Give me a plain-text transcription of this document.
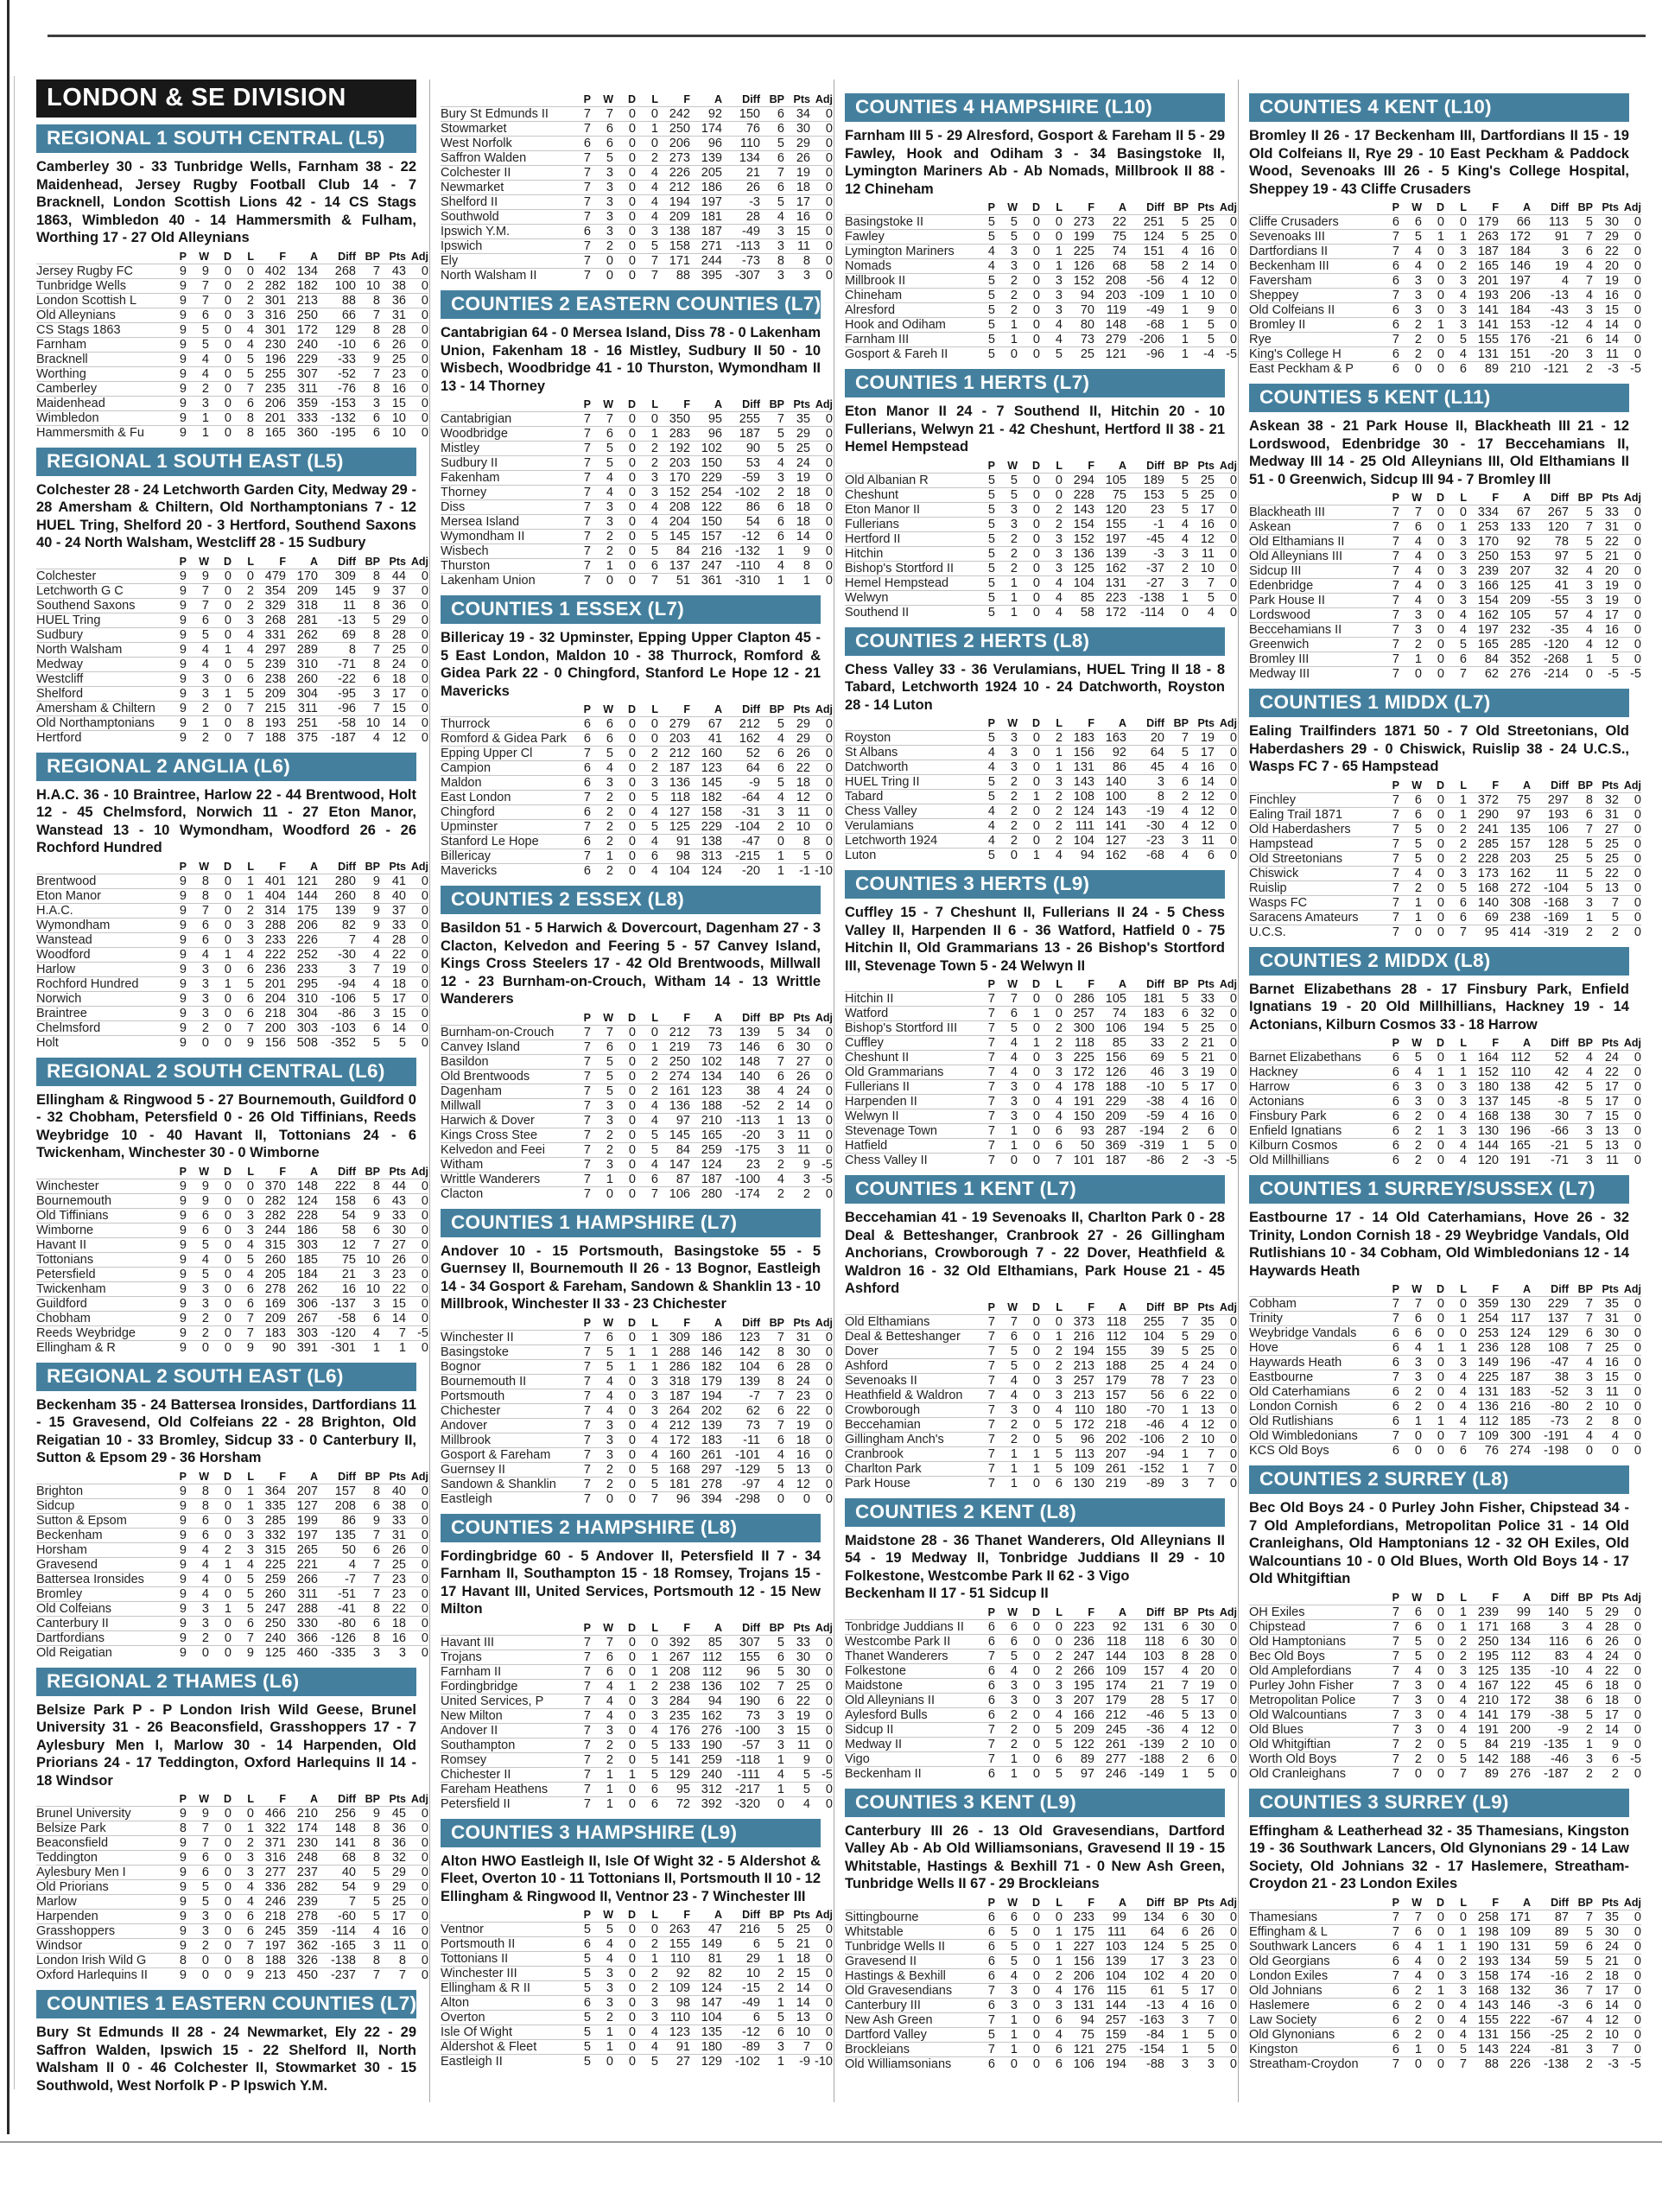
LONDON & SE DIVISION
REGIONAL 1 SOUTH CENTRAL (L5)

Camberley 30 - 33 Tunbridge Wells, Farnham 38 - 22 Maidenhead, Jersey Rugby Football Club 14 - 7 Bracknell, London Scottish Lions 42 - 14 CS Stags 1863, Wimbledon 40 - 14 Hammersmith & Fulham, Worthing 17 - 27 Old Alleynians

	P	W	D	L	F	A	Diff	BP	Pts	Adj
Jersey Rugby FC	9	9	0	0	402	134	268	7	43	0
Tunbridge Wells	9	7	0	2	282	182	100	10	38	0
London Scottish L	9	7	0	2	301	213	88	8	36	0
Old Alleynians	9	6	0	3	316	250	66	7	31	0
CS Stags 1863	9	5	0	4	301	172	129	8	28	0
Farnham	9	5	0	4	230	240	-10	6	26	0
Bracknell	9	4	0	5	196	229	-33	9	25	0
Worthing	9	4	0	5	255	307	-52	7	23	0
Camberley	9	2	0	7	235	311	-76	8	16	0
Maidenhead	9	3	0	6	206	359	-153	3	15	0
Wimbledon	9	1	0	8	201	333	-132	6	10	0
Hammersmith & Fu	9	1	0	8	165	360	-195	6	10	0
REGIONAL 1 SOUTH EAST (L5)

Colchester 28 - 24 Letchworth Garden City, Medway 29 - 28 Amersham & Chiltern, Old Northamptonians 7 - 12 HUEL Tring, Shelford 20 - 3 Hertford, Southend Saxons 40 - 24 North Walsham, Westcliff 28 - 15 Sudbury

	P	W	D	L	F	A	Diff	BP	Pts	Adj
Colchester	9	9	0	0	479	170	309	8	44	0
Letchworth G C	9	7	0	2	354	209	145	9	37	0
Southend Saxons	9	7	0	2	329	318	11	8	36	0
HUEL Tring	9	6	0	3	268	281	-13	5	29	0
Sudbury	9	5	0	4	331	262	69	8	28	0
North Walsham	9	4	1	4	297	289	8	7	25	0
Medway	9	4	0	5	239	310	-71	8	24	0
Westcliff	9	3	0	6	238	260	-22	6	18	0
Shelford	9	3	1	5	209	304	-95	3	17	0
Amersham & Chiltern	9	2	0	7	215	311	-96	7	15	0
Old Northamptonians	9	1	0	8	193	251	-58	10	14	0
Hertford	9	2	0	7	188	375	-187	4	12	0
REGIONAL 2 ANGLIA (L6)

H.A.C. 36 - 10 Braintree, Harlow 22 - 44 Brentwood, Holt 12 - 45 Chelmsford, Norwich 11 - 27 Eton Manor, Wanstead 13 - 10 Wymondham, Woodford 26 - 26 Rochford Hundred

	P	W	D	L	F	A	Diff	BP	Pts	Adj
Brentwood	9	8	0	1	401	121	280	9	41	0
Eton Manor	9	8	0	1	404	144	260	8	40	0
H.A.C.	9	7	0	2	314	175	139	9	37	0
Wymondham	9	6	0	3	288	206	82	9	33	0
Wanstead	9	6	0	3	233	226	7	4	28	0
Woodford	9	4	1	4	222	252	-30	4	22	0
Harlow	9	3	0	6	236	233	3	7	19	0
Rochford Hundred	9	3	1	5	201	295	-94	4	18	0
Norwich	9	3	0	6	204	310	-106	5	17	0
Braintree	9	3	0	6	218	304	-86	3	15	0
Chelmsford	9	2	0	7	200	303	-103	6	14	0
Holt	9	0	0	9	156	508	-352	5	5	0
REGIONAL 2 SOUTH CENTRAL (L6)

Ellingham & Ringwood 5 - 27 Bournemouth, Guildford 0 - 32 Chobham, Petersfield 0 - 26 Old Tiffinians, Reeds Weybridge 10 - 40 Havant II, Tottonians 24 - 6 Twickenham, Winchester 30 - 0 Wimborne

	P	W	D	L	F	A	Diff	BP	Pts	Adj
Winchester	9	9	0	0	370	148	222	8	44	0
Bournemouth	9	9	0	0	282	124	158	6	43	0
Old Tiffinians	9	6	0	3	282	228	54	9	33	0
Wimborne	9	6	0	3	244	186	58	6	30	0
Havant II	9	5	0	4	315	303	12	7	27	0
Tottonians	9	4	0	5	260	185	75	10	26	0
Petersfield	9	5	0	4	205	184	21	3	23	0
Twickenham	9	3	0	6	278	262	16	10	22	0
Guildford	9	3	0	6	169	306	-137	3	15	0
Chobham	9	2	0	7	209	267	-58	6	14	0
Reeds Weybridge	9	2	0	7	183	303	-120	4	7	-5
Ellingham & R	9	0	0	9	90	391	-301	1	1	0
REGIONAL 2 SOUTH EAST (L6)

Beckenham 35 - 24 Battersea Ironsides, Dartfordians 11 - 15 Gravesend, Old Colfeians 22 - 28 Brighton, Old Reigatian 10 - 33 Bromley, Sidcup 33 - 0 Canterbury II, Sutton & Epsom 29 - 36 Horsham

	P	W	D	L	F	A	Diff	BP	Pts	Adj
Brighton	9	8	0	1	364	207	157	8	40	0
Sidcup	9	8	0	1	335	127	208	6	38	0
Sutton & Epsom	9	6	0	3	285	199	86	9	33	0
Beckenham	9	6	0	3	332	197	135	7	31	0
Horsham	9	4	2	3	315	265	50	6	26	0
Gravesend	9	4	1	4	225	221	4	7	25	0
Battersea Ironsides	9	4	0	5	259	266	-7	7	23	0
Bromley	9	4	0	5	260	311	-51	7	23	0
Old Colfeians	9	3	1	5	247	288	-41	8	22	0
Canterbury II	9	3	0	6	250	330	-80	6	18	0
Dartfordians	9	2	0	7	240	366	-126	8	16	0
Old Reigatian	9	0	0	9	125	460	-335	3	3	0
REGIONAL 2 THAMES (L6)

Belsize Park P - P London Irish Wild Geese, Brunel University 31 - 26 Beaconsfield, Grasshoppers 17 - 7 Aylesbury Men I, Marlow 30 - 14 Harpenden, Old Priorians 24 - 17 Teddington, Oxford Harlequins II 14 - 18 Windsor

	P	W	D	L	F	A	Diff	BP	Pts	Adj
Brunel University	9	9	0	0	466	210	256	9	45	0
Belsize Park	8	7	0	1	322	174	148	8	36	0
Beaconsfield	9	7	0	2	371	230	141	8	36	0
Teddington	9	6	0	3	316	248	68	8	32	0
Aylesbury Men I	9	6	0	3	277	237	40	5	29	0
Old Priorians	9	5	0	4	336	282	54	9	29	0
Marlow	9	5	0	4	246	239	7	5	25	0
Harpenden	9	3	0	6	218	278	-60	5	17	0
Grasshoppers	9	3	0	6	245	359	-114	4	16	0
Windsor	9	2	0	7	197	362	-165	3	11	0
London Irish Wild G	8	0	0	8	188	326	-138	8	8	0
Oxford Harlequins II	9	0	0	9	213	450	-237	7	7	0
COUNTIES 1 EASTERN COUNTIES (L7)

Bury St Edmunds II 28 - 24 Newmarket, Ely 22 - 29 Saffron Walden, Ipswich 15 - 22 Shelford II, North Walsham II 0 - 46 Colchester II, Stowmarket 30 - 15 Southwold, West Norfolk P - P Ipswich Y.M.

	P	W	D	L	F	A	Diff	BP	Pts	Adj
Bury St Edmunds II	7	7	0	0	242	92	150	6	34	0
Stowmarket	7	6	0	1	250	174	76	6	30	0
West Norfolk	6	6	0	0	206	96	110	5	29	0
Saffron Walden	7	5	0	2	273	139	134	6	26	0
Colchester II	7	3	0	4	226	205	21	7	19	0
Newmarket	7	3	0	4	212	186	26	6	18	0
Shelford II	7	3	0	4	194	197	-3	5	17	0
Southwold	7	3	0	4	209	181	28	4	16	0
Ipswich Y.M.	6	3	0	3	138	187	-49	3	15	0
Ipswich	7	2	0	5	158	271	-113	3	11	0
Ely	7	0	0	7	171	244	-73	8	8	0
North Walsham II	7	0	0	7	88	395	-307	3	3	0
COUNTIES 2 EASTERN COUNTIES (L7)

Cantabrigian 64 - 0 Mersea Island, Diss 78 - 0 Lakenham Union, Fakenham 18 - 16 Mistley, Sudbury II 50 - 10 Wisbech, Woodbridge 41 - 10 Thurston, Wymondham II 13 - 14 Thorney

	P	W	D	L	F	A	Diff	BP	Pts	Adj
Cantabrigian	7	7	0	0	350	95	255	7	35	0
Woodbridge	7	6	0	1	283	96	187	5	29	0
Mistley	7	5	0	2	192	102	90	5	25	0
Sudbury II	7	5	0	2	203	150	53	4	24	0
Fakenham	7	4	0	3	170	229	-59	3	19	0
Thorney	7	4	0	3	152	254	-102	2	18	0
Diss	7	3	0	4	208	122	86	6	18	0
Mersea Island	7	3	0	4	204	150	54	6	18	0
Wymondham II	7	2	0	5	145	157	-12	6	14	0
Wisbech	7	2	0	5	84	216	-132	1	9	0
Thurston	7	1	0	6	137	247	-110	4	8	0
Lakenham Union	7	0	0	7	51	361	-310	1	1	0
COUNTIES 1 ESSEX (L7)

Billericay 19 - 32 Upminster, Epping Upper Clapton 45 - 5 East London, Maldon 10 - 38 Thurrock, Romford & Gidea Park 22 - 0 Chingford, Stanford Le Hope 12 - 21 Mavericks

	P	W	D	L	F	A	Diff	BP	Pts	Adj
Thurrock	6	6	0	0	279	67	212	5	29	0
Romford & Gidea Park	6	6	0	0	203	41	162	4	29	0
Epping Upper Cl	7	5	0	2	212	160	52	6	26	0
Campion	6	4	0	2	187	123	64	6	22	0
Maldon	6	3	0	3	136	145	-9	5	18	0
East London	7	2	0	5	118	182	-64	4	12	0
Chingford	6	2	0	4	127	158	-31	3	11	0
Upminster	7	2	0	5	125	229	-104	2	10	0
Stanford Le Hope	6	2	0	4	91	138	-47	0	8	0
Billericay	7	1	0	6	98	313	-215	1	5	0
Mavericks	6	2	0	4	104	124	-20	1	-1	-10
COUNTIES 2 ESSEX (L8)

Basildon 51 - 5 Harwich & Dovercourt, Dagenham 27 - 3 Clacton, Kelvedon and Feering 5 - 57 Canvey Island, Kings Cross Steelers 17 - 42 Old Brentwoods, Millwall 12 - 23 Burnham-on-Crouch, Witham 14 - 13 Writtle Wanderers

	P	W	D	L	F	A	Diff	BP	Pts	Adj
Burnham-on-Crouch	7	7	0	0	212	73	139	5	34	0
Canvey Island	7	6	0	1	219	73	146	6	30	0
Basildon	7	5	0	2	250	102	148	7	27	0
Old Brentwoods	7	5	0	2	274	134	140	6	26	0
Dagenham	7	5	0	2	161	123	38	4	24	0
Millwall	7	3	0	4	136	188	-52	2	14	0
Harwich & Dover	7	3	0	4	97	210	-113	1	13	0
Kings Cross Stee	7	2	0	5	145	165	-20	3	11	0
Kelvedon and Feei	7	2	0	5	84	259	-175	3	11	0
Witham	7	3	0	4	147	124	23	2	9	-5
Writtle Wanderers	7	1	0	6	87	187	-100	4	3	-5
Clacton	7	0	0	7	106	280	-174	2	2	0
COUNTIES 1 HAMPSHIRE (L7)

Andover 10 - 15 Portsmouth, Basingstoke 55 - 5 Guernsey II, Bournemouth II 26 - 13 Bognor, Eastleigh 14 - 34 Gosport & Fareham, Sandown & Shanklin 13 - 10 Millbrook, Winchester II 33 - 23 Chichester

	P	W	D	L	F	A	Diff	BP	Pts	Adj
Winchester II	7	6	0	1	309	186	123	7	31	0
Basingstoke	7	5	1	1	288	146	142	8	30	0
Bognor	7	5	1	1	286	182	104	6	28	0
Bournemouth II	7	4	0	3	318	179	139	8	24	0
Portsmouth	7	4	0	3	187	194	-7	7	23	0
Chichester	7	4	0	3	264	202	62	6	22	0
Andover	7	3	0	4	212	139	73	7	19	0
Millbrook	7	3	0	4	172	183	-11	6	18	0
Gosport & Fareham	7	3	0	4	160	261	-101	4	16	0
Guernsey II	7	2	0	5	168	297	-129	5	13	0
Sandown & Shanklin	7	2	0	5	181	278	-97	4	12	0
Eastleigh	7	0	0	7	96	394	-298	0	0	0
COUNTIES 2 HAMPSHIRE (L8)

Fordingbridge 60 - 5 Andover II, Petersfield II 7 - 34 Farnham II, Southampton 15 - 18 Romsey, Trojans 15 - 17 Havant III, United Services, Portsmouth 12 - 15 New Milton

	P	W	D	L	F	A	Diff	BP	Pts	Adj
Havant III	7	7	0	0	392	85	307	5	33	0
Trojans	7	6	0	1	267	112	155	6	30	0
Farnham II	7	6	0	1	208	112	96	5	30	0
Fordingbridge	7	4	1	2	238	136	102	7	25	0
United Services, P	7	4	0	3	284	94	190	6	22	0
New Milton	7	4	0	3	235	162	73	3	19	0
Andover II	7	3	0	4	176	276	-100	3	15	0
Southampton	7	2	0	5	133	190	-57	3	11	0
Romsey	7	2	0	5	141	259	-118	1	9	0
Chichester II	7	1	1	5	129	240	-111	4	5	-5
Fareham Heathens	7	1	0	6	95	312	-217	1	5	0
Petersfield II	7	1	0	6	72	392	-320	0	4	0
COUNTIES 3 HAMPSHIRE (L9)

Alton HWO Eastleigh II, Isle Of Wight 32 - 5 Aldershot & Fleet, Overton 10 - 11 Tottonians II, Portsmouth II 10 - 12 Ellingham & Ringwood II, Ventnor 23 - 7 Winchester III

	P	W	D	L	F	A	Diff	BP	Pts	Adj
Ventnor	5	5	0	0	263	47	216	5	25	0
Portsmouth II	6	4	0	2	155	149	6	5	21	0
Tottonians II	5	4	0	1	110	81	29	1	18	0
Winchester III	5	3	0	2	92	82	10	2	15	0
Ellingham & R II	5	3	0	2	109	124	-15	2	14	0
Alton	6	3	0	3	98	147	-49	1	14	0
Overton	5	2	0	3	110	104	6	5	13	0
Isle Of Wight	5	1	0	4	123	135	-12	6	10	0
Aldershot & Fleet	5	1	0	4	91	180	-89	3	7	0
Eastleigh II	5	0	0	5	27	129	-102	1	-9	-10
COUNTIES 4 HAMPSHIRE (L10)

Farnham III 5 - 29 Alresford, Gosport & Fareham II 5 - 29 Fawley, Hook and Odiham 3 - 34 Basingstoke II, Lymington Mariners Ab - Ab Nomads, Millbrook II 88 - 12 Chineham

	P	W	D	L	F	A	Diff	BP	Pts	Adj
Basingstoke II	5	5	0	0	273	22	251	5	25	0
Fawley	5	5	0	0	199	75	124	5	25	0
Lymington Mariners	4	3	0	1	225	74	151	4	16	0
Nomads	4	3	0	1	126	68	58	2	14	0
Millbrook II	5	2	0	3	152	208	-56	4	12	0
Chineham	5	2	0	3	94	203	-109	1	10	0
Alresford	5	2	0	3	70	119	-49	1	9	0
Hook and Odiham	5	1	0	4	80	148	-68	1	5	0
Farnham III	5	1	0	4	73	279	-206	1	5	0
Gosport & Fareh II	5	0	0	5	25	121	-96	1	-4	-5
COUNTIES 1 HERTS (L7)

Eton Manor II 24 - 7 Southend II, Hitchin 20 - 10 Fullerians, Welwyn 21 - 42 Cheshunt, Hertford II 38 - 21 Hemel Hempstead

	P	W	D	L	F	A	Diff	BP	Pts	Adj
Old Albanian R	5	5	0	0	294	105	189	5	25	0
Cheshunt	5	5	0	0	228	75	153	5	25	0
Eton Manor II	5	3	0	2	143	120	23	5	17	0
Fullerians	5	3	0	2	154	155	-1	4	16	0
Hertford II	5	2	0	3	152	197	-45	4	12	0
Hitchin	5	2	0	3	136	139	-3	3	11	0
Bishop's Stortford II	5	2	0	3	125	162	-37	2	10	0
Hemel Hempstead	5	1	0	4	104	131	-27	3	7	0
Welwyn	5	1	0	4	85	223	-138	1	5	0
Southend II	5	1	0	4	58	172	-114	0	4	0
COUNTIES 2 HERTS (L8)

Chess Valley 33 - 36 Verulamians, HUEL Tring II 18 - 8 Tabard, Letchworth 1924 10 - 24 Datchworth, Royston 28 - 14 Luton

	P	W	D	L	F	A	Diff	BP	Pts	Adj
Royston	5	3	0	2	183	163	20	7	19	0
St Albans	4	3	0	1	156	92	64	5	17	0
Datchworth	4	3	0	1	131	86	45	4	16	0
HUEL Tring II	5	2	0	3	143	140	3	6	14	0
Tabard	5	2	1	2	108	100	8	2	12	0
Chess Valley	4	2	0	2	124	143	-19	4	12	0
Verulamians	4	2	0	2	111	141	-30	4	12	0
Letchworth 1924	4	2	0	2	104	127	-23	3	11	0
Luton	5	0	1	4	94	162	-68	4	6	0
COUNTIES 3 HERTS (L9)

Cuffley 15 - 7 Cheshunt II, Fullerians II 24 - 5 Chess Valley II, Harpenden II 6 - 36 Watford, Hatfield 0 - 75 Hitchin II, Old Grammarians 13 - 26 Bishop's Stortford III, Stevenage Town 5 - 24 Welwyn II

	P	W	D	L	F	A	Diff	BP	Pts	Adj
Hitchin II	7	7	0	0	286	105	181	5	33	0
Watford	7	6	1	0	257	74	183	6	32	0
Bishop's Stortford III	7	5	0	2	300	106	194	5	25	0
Cuffley	7	4	1	2	118	85	33	2	21	0
Cheshunt II	7	4	0	3	225	156	69	5	21	0
Old Grammarians	7	4	0	3	172	126	46	3	19	0
Fullerians II	7	3	0	4	178	188	-10	5	17	0
Harpenden II	7	3	0	4	191	229	-38	4	16	0
Welwyn II	7	3	0	4	150	209	-59	4	16	0
Stevenage Town	7	1	0	6	93	287	-194	2	6	0
Hatfield	7	1	0	6	50	369	-319	1	5	0
Chess Valley II	7	0	0	7	101	187	-86	2	-3	-5
COUNTIES 1 KENT (L7)

Beccehamian 41 - 19 Sevenoaks II, Charlton Park 0 - 28 Deal & Betteshanger, Cranbrook 27 - 26 Gillingham Anchorians, Crowborough 7 - 22 Dover, Heathfield & Waldron 16 - 32 Old Elthamians, Park House 21 - 45 Ashford

	P	W	D	L	F	A	Diff	BP	Pts	Adj
Old Elthamians	7	7	0	0	373	118	255	7	35	0
Deal & Betteshanger	7	6	0	1	216	112	104	5	29	0
Dover	7	5	0	2	194	155	39	5	25	0
Ashford	7	5	0	2	213	188	25	4	24	0
Sevenoaks II	7	4	0	3	257	179	78	7	23	0
Heathfield & Waldron	7	4	0	3	213	157	56	6	22	0
Crowborough	7	3	0	4	110	180	-70	1	13	0
Beccehamian	7	2	0	5	172	218	-46	4	12	0
Gillingham Anch's	7	2	0	5	96	202	-106	2	10	0
Cranbrook	7	1	1	5	113	207	-94	1	7	0
Charlton Park	7	1	1	5	109	261	-152	1	7	0
Park House	7	1	0	6	130	219	-89	3	7	0
COUNTIES 2 KENT (L8)

Maidstone 28 - 36 Thanet Wanderers, Old Alleynians II 54 - 19 Medway II, Tonbridge Juddians II 29 - 10 Folkestone, Westcombe Park II 62 - 3 Vigo

Beckenham II 17 - 51 Sidcup II

	P	W	D	L	F	A	Diff	BP	Pts	Adj
Tonbridge Juddians II	6	6	0	0	223	92	131	6	30	0
Westcombe Park II	6	6	0	0	236	118	118	6	30	0
Thanet Wanderers	7	5	0	2	247	144	103	8	28	0
Folkestone	6	4	0	2	266	109	157	4	20	0
Maidstone	6	3	0	3	195	174	21	7	19	0
Old Alleynians II	6	3	0	3	207	179	28	5	17	0
Aylesford Bulls	6	2	0	4	166	212	-46	5	13	0
Sidcup II	7	2	0	5	209	245	-36	4	12	0
Medway II	7	2	0	5	122	261	-139	2	10	0
Vigo	7	1	0	6	89	277	-188	2	6	0
Beckenham II	6	1	0	5	97	246	-149	1	5	0
COUNTIES 3 KENT (L9)

Canterbury III 26 - 13 Old Gravesendians, Dartford Valley Ab - Ab Old Williamsonians, Gravesend II 19 - 15 Whitstable, Hastings & Bexhill 71 - 0 New Ash Green, Tunbridge Wells II 67 - 29 Brockleians

	P	W	D	L	F	A	Diff	BP	Pts	Adj
Sittingbourne	6	6	0	0	233	99	134	6	30	0
Whitstable	6	5	0	1	175	111	64	6	26	0
Tunbridge Wells II	6	5	0	1	227	103	124	5	25	0
Gravesend II	6	5	0	1	156	139	17	3	23	0
Hastings & Bexhill	6	4	0	2	206	104	102	4	20	0
Old Gravesendians	7	3	0	4	176	115	61	5	17	0
Canterbury III	6	3	0	3	131	144	-13	4	16	0
New Ash Green	7	1	0	6	94	257	-163	3	7	0
Dartford Valley	5	1	0	4	75	159	-84	1	5	0
Brockleians	7	1	0	6	121	275	-154	1	5	0
Old Williamsonians	6	0	0	6	106	194	-88	3	3	0
COUNTIES 4 KENT (L10)

Bromley II 26 - 17 Beckenham III, Dartfordians II 15 - 19 Old Colfeians II, Rye 29 - 10 East Peckham & Paddock Wood, Sevenoaks III 26 - 5 King's College Hospital, Sheppey 19 - 43 Cliffe Crusaders

	P	W	D	L	F	A	Diff	BP	Pts	Adj
Cliffe Crusaders	6	6	0	0	179	66	113	5	30	0
Sevenoaks III	7	5	1	1	263	172	91	7	29	0
Dartfordians II	7	4	0	3	187	184	3	6	22	0
Beckenham III	6	4	0	2	165	146	19	4	20	0
Faversham	6	3	0	3	201	197	4	7	19	0
Sheppey	7	3	0	4	193	206	-13	4	16	0
Old Colfeians II	6	3	0	3	141	184	-43	3	15	0
Bromley II	6	2	1	3	141	153	-12	4	14	0
Rye	7	2	0	5	155	176	-21	6	14	0
King's College H	6	2	0	4	131	151	-20	3	11	0
East Peckham & P	6	0	0	6	89	210	-121	2	-3	-5
COUNTIES 5 KENT (L11)

Askean 38 - 21 Park House II, Blackheath III 21 - 12 Lordswood, Edenbridge 30 - 17 Beccehamians II, Medway III 14 - 25 Old Alleynians III, Old Elthamians II 51 - 0 Greenwich, Sidcup III 94 - 7 Bromley III

	P	W	D	L	F	A	Diff	BP	Pts	Adj
Blackheath III	7	7	0	0	334	67	267	5	33	0
Askean	7	6	0	1	253	133	120	7	31	0
Old Elthamians II	7	4	0	3	170	92	78	5	22	0
Old Alleynians III	7	4	0	3	250	153	97	5	21	0
Sidcup III	7	4	0	3	239	207	32	4	20	0
Edenbridge	7	4	0	3	166	125	41	3	19	0
Park House II	7	4	0	3	154	209	-55	3	19	0
Lordswood	7	3	0	4	162	105	57	4	17	0
Beccehamians II	7	3	0	4	197	232	-35	4	16	0
Greenwich	7	2	0	5	165	285	-120	4	12	0
Bromley III	7	1	0	6	84	352	-268	1	5	0
Medway III	7	0	0	7	62	276	-214	0	-5	-5
COUNTIES 1 MIDDX (L7)

Ealing Trailfinders 1871 50 - 7 Old Streetonians, Old Haberdashers 29 - 0 Chiswick, Ruislip 38 - 24 U.C.S., Wasps FC 7 - 65 Hampstead

	P	W	D	L	F	A	Diff	BP	Pts	Adj
Finchley	7	6	0	1	372	75	297	8	32	0
Ealing Trail 1871	7	6	0	1	290	97	193	6	31	0
Old Haberdashers	7	5	0	2	241	135	106	7	27	0
Hampstead	7	5	0	2	285	157	128	5	25	0
Old Streetonians	7	5	0	2	228	203	25	5	25	0
Chiswick	7	4	0	3	173	162	11	5	22	0
Ruislip	7	2	0	5	168	272	-104	5	13	0
Wasps FC	7	1	0	6	140	308	-168	3	7	0
Saracens Amateurs	7	1	0	6	69	238	-169	1	5	0
U.C.S.	7	0	0	7	95	414	-319	2	2	0
COUNTIES 2 MIDDX (L8)

Barnet Elizabethans 28 - 17 Finsbury Park, Enfield Ignatians 19 - 20 Old Millhillians, Hackney 19 - 14 Actonians, Kilburn Cosmos 33 - 18 Harrow

	P	W	D	L	F	A	Diff	BP	Pts	Adj
Barnet Elizabethans	6	5	0	1	164	112	52	4	24	0
Hackney	6	4	1	1	152	110	42	4	22	0
Harrow	6	3	0	3	180	138	42	5	17	0
Actonians	6	3	0	3	137	145	-8	5	17	0
Finsbury Park	6	2	0	4	168	138	30	7	15	0
Enfield Ignatians	6	2	1	3	130	196	-66	3	13	0
Kilburn Cosmos	6	2	0	4	144	165	-21	5	13	0
Old Millhillians	6	2	0	4	120	191	-71	3	11	0
COUNTIES 1 SURREY/SUSSEX (L7)

Eastbourne 17 - 14 Old Caterhamians, Hove 26 - 32 Trinity, London Cornish 18 - 29 Weybridge Vandals, Old Rutlishians 10 - 34 Cobham, Old Wimbledonians 12 - 14 Haywards Heath

	P	W	D	L	F	A	Diff	BP	Pts	Adj
Cobham	7	7	0	0	359	130	229	7	35	0
Trinity	7	6	0	1	254	117	137	7	31	0
Weybridge Vandals	6	6	0	0	253	124	129	6	30	0
Hove	6	4	1	1	236	128	108	7	25	0
Haywards Heath	6	3	0	3	149	196	-47	4	16	0
Eastbourne	7	3	0	4	225	187	38	3	15	0
Old Caterhamians	6	2	0	4	131	183	-52	3	11	0
London Cornish	6	2	0	4	136	216	-80	2	10	0
Old Rutlishians	6	1	1	4	112	185	-73	2	8	0
Old Wimbledonians	7	0	0	7	109	300	-191	4	4	0
KCS Old Boys	6	0	0	6	76	274	-198	0	0	0
COUNTIES 2 SURREY (L8)

Bec Old Boys 24 - 0 Purley John Fisher, Chipstead 34 - 7 Old Amplefordians, Metropolitan Police 31 - 14 Old Cranleighans, Old Hamptonians 12 - 32 OH Exiles, Old Walcountians 10 - 0 Old Blues, Worth Old Boys 14 - 17 Old Whitgiftian

	P	W	D	L	F	A	Diff	BP	Pts	Adj
OH Exiles	7	6	0	1	239	99	140	5	29	0
Chipstead	7	6	0	1	171	168	3	4	28	0
Old Hamptonians	7	5	0	2	250	134	116	6	26	0
Bec Old Boys	7	5	0	2	195	112	83	4	24	0
Old Amplefordians	7	4	0	3	125	135	-10	4	22	0
Purley John Fisher	7	3	0	4	167	122	45	6	18	0
Metropolitan Police	7	3	0	4	210	172	38	6	18	0
Old Walcountians	7	3	0	4	141	179	-38	5	17	0
Old Blues	7	3	0	4	191	200	-9	2	14	0
Old Whitgiftian	7	2	0	5	84	219	-135	1	9	0
Worth Old Boys	7	2	0	5	142	188	-46	3	6	-5
Old Cranleighans	7	0	0	7	89	276	-187	2	2	0
COUNTIES 3 SURREY (L9)

Effingham & Leatherhead 32 - 35 Thamesians, Kingston 19 - 36 Southwark Lancers, Old Glynonians 29 - 14 Law Society, Old Johnians 32 - 17 Haslemere, Streatham-Croydon 21 - 23 London Exiles

	P	W	D	L	F	A	Diff	BP	Pts	Adj
Thamesians	7	7	0	0	258	171	87	7	35	0
Effingham & L	7	6	0	1	198	109	89	5	30	0
Southwark Lancers	6	4	1	1	190	131	59	6	24	0
Old Georgians	6	4	0	2	193	134	59	5	21	0
London Exiles	7	4	0	3	158	174	-16	2	18	0
Old Johnians	6	2	1	3	168	132	36	7	17	0
Haslemere	6	2	0	4	143	146	-3	6	14	0
Law Society	6	2	0	4	155	222	-67	4	12	0
Old Glynonians	6	2	0	4	131	156	-25	2	10	0
Kingston	6	1	0	5	143	224	-81	3	7	0
Streatham-Croydon	7	0	0	7	88	226	-138	2	-3	-5
